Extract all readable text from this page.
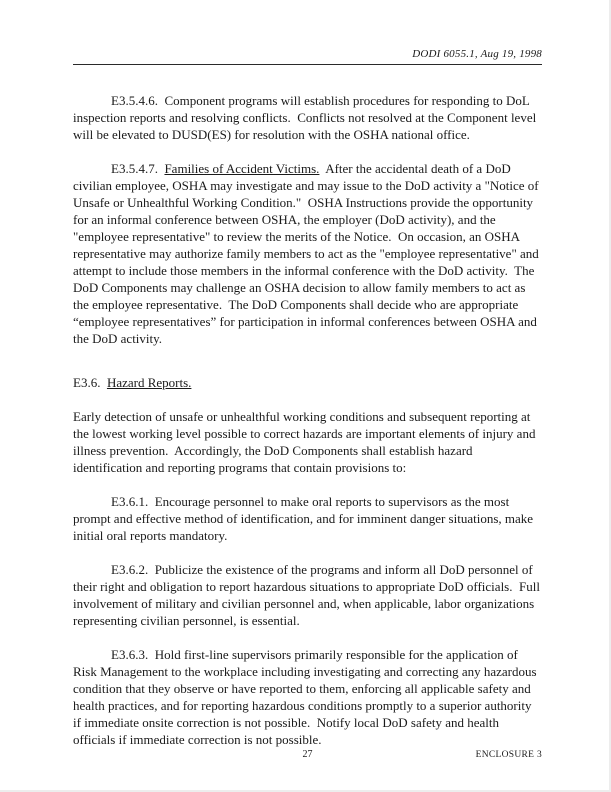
DODI 6055.1, Aug 19, 1998

E3.5.4.6.  Component programs will establish procedures for responding to DoL inspection reports and resolving conflicts.  Conflicts not resolved at the Component level will be elevated to DUSD(ES) for resolution with the OSHA national office.

E3.5.4.7.  Families of Accident Victims.  After the accidental death of a DoD civilian employee, OSHA may investigate and may issue to the DoD activity a "Notice of Unsafe or Unhealthful Working Condition."  OSHA Instructions provide the opportunity for an informal conference between OSHA, the employer (DoD activity), and the "employee representative" to review the merits of the Notice.  On occasion, an OSHA representative may authorize family members to act as the "employee representative" and attempt to include those members in the informal conference with the DoD activity.  The DoD Components may challenge an OSHA decision to allow family members to act as the employee representative.  The DoD Components shall decide who are appropriate “employee representatives” for participation in informal conferences between OSHA and the DoD activity.

E3.6.  Hazard Reports.

Early detection of unsafe or unhealthful working conditions and subsequent reporting at the lowest working level possible to correct hazards are important elements of injury and illness prevention.  Accordingly, the DoD Components shall establish hazard identification and reporting programs that contain provisions to:

E3.6.1.  Encourage personnel to make oral reports to supervisors as the most prompt and effective method of identification, and for imminent danger situations, make initial oral reports mandatory.

E3.6.2.  Publicize the existence of the programs and inform all DoD personnel of their right and obligation to report hazardous situations to appropriate DoD officials.  Full involvement of military and civilian personnel and, when applicable, labor organizations representing civilian personnel, is essential.

E3.6.3.  Hold first-line supervisors primarily responsible for the application of Risk Management to the workplace including investigating and correcting any hazardous condition that they observe or have reported to them, enforcing all applicable safety and health practices, and for reporting hazardous conditions promptly to a superior authority if immediate onsite correction is not possible.  Notify local DoD safety and health officials if immediate correction is not possible.

27	ENCLOSURE 3
